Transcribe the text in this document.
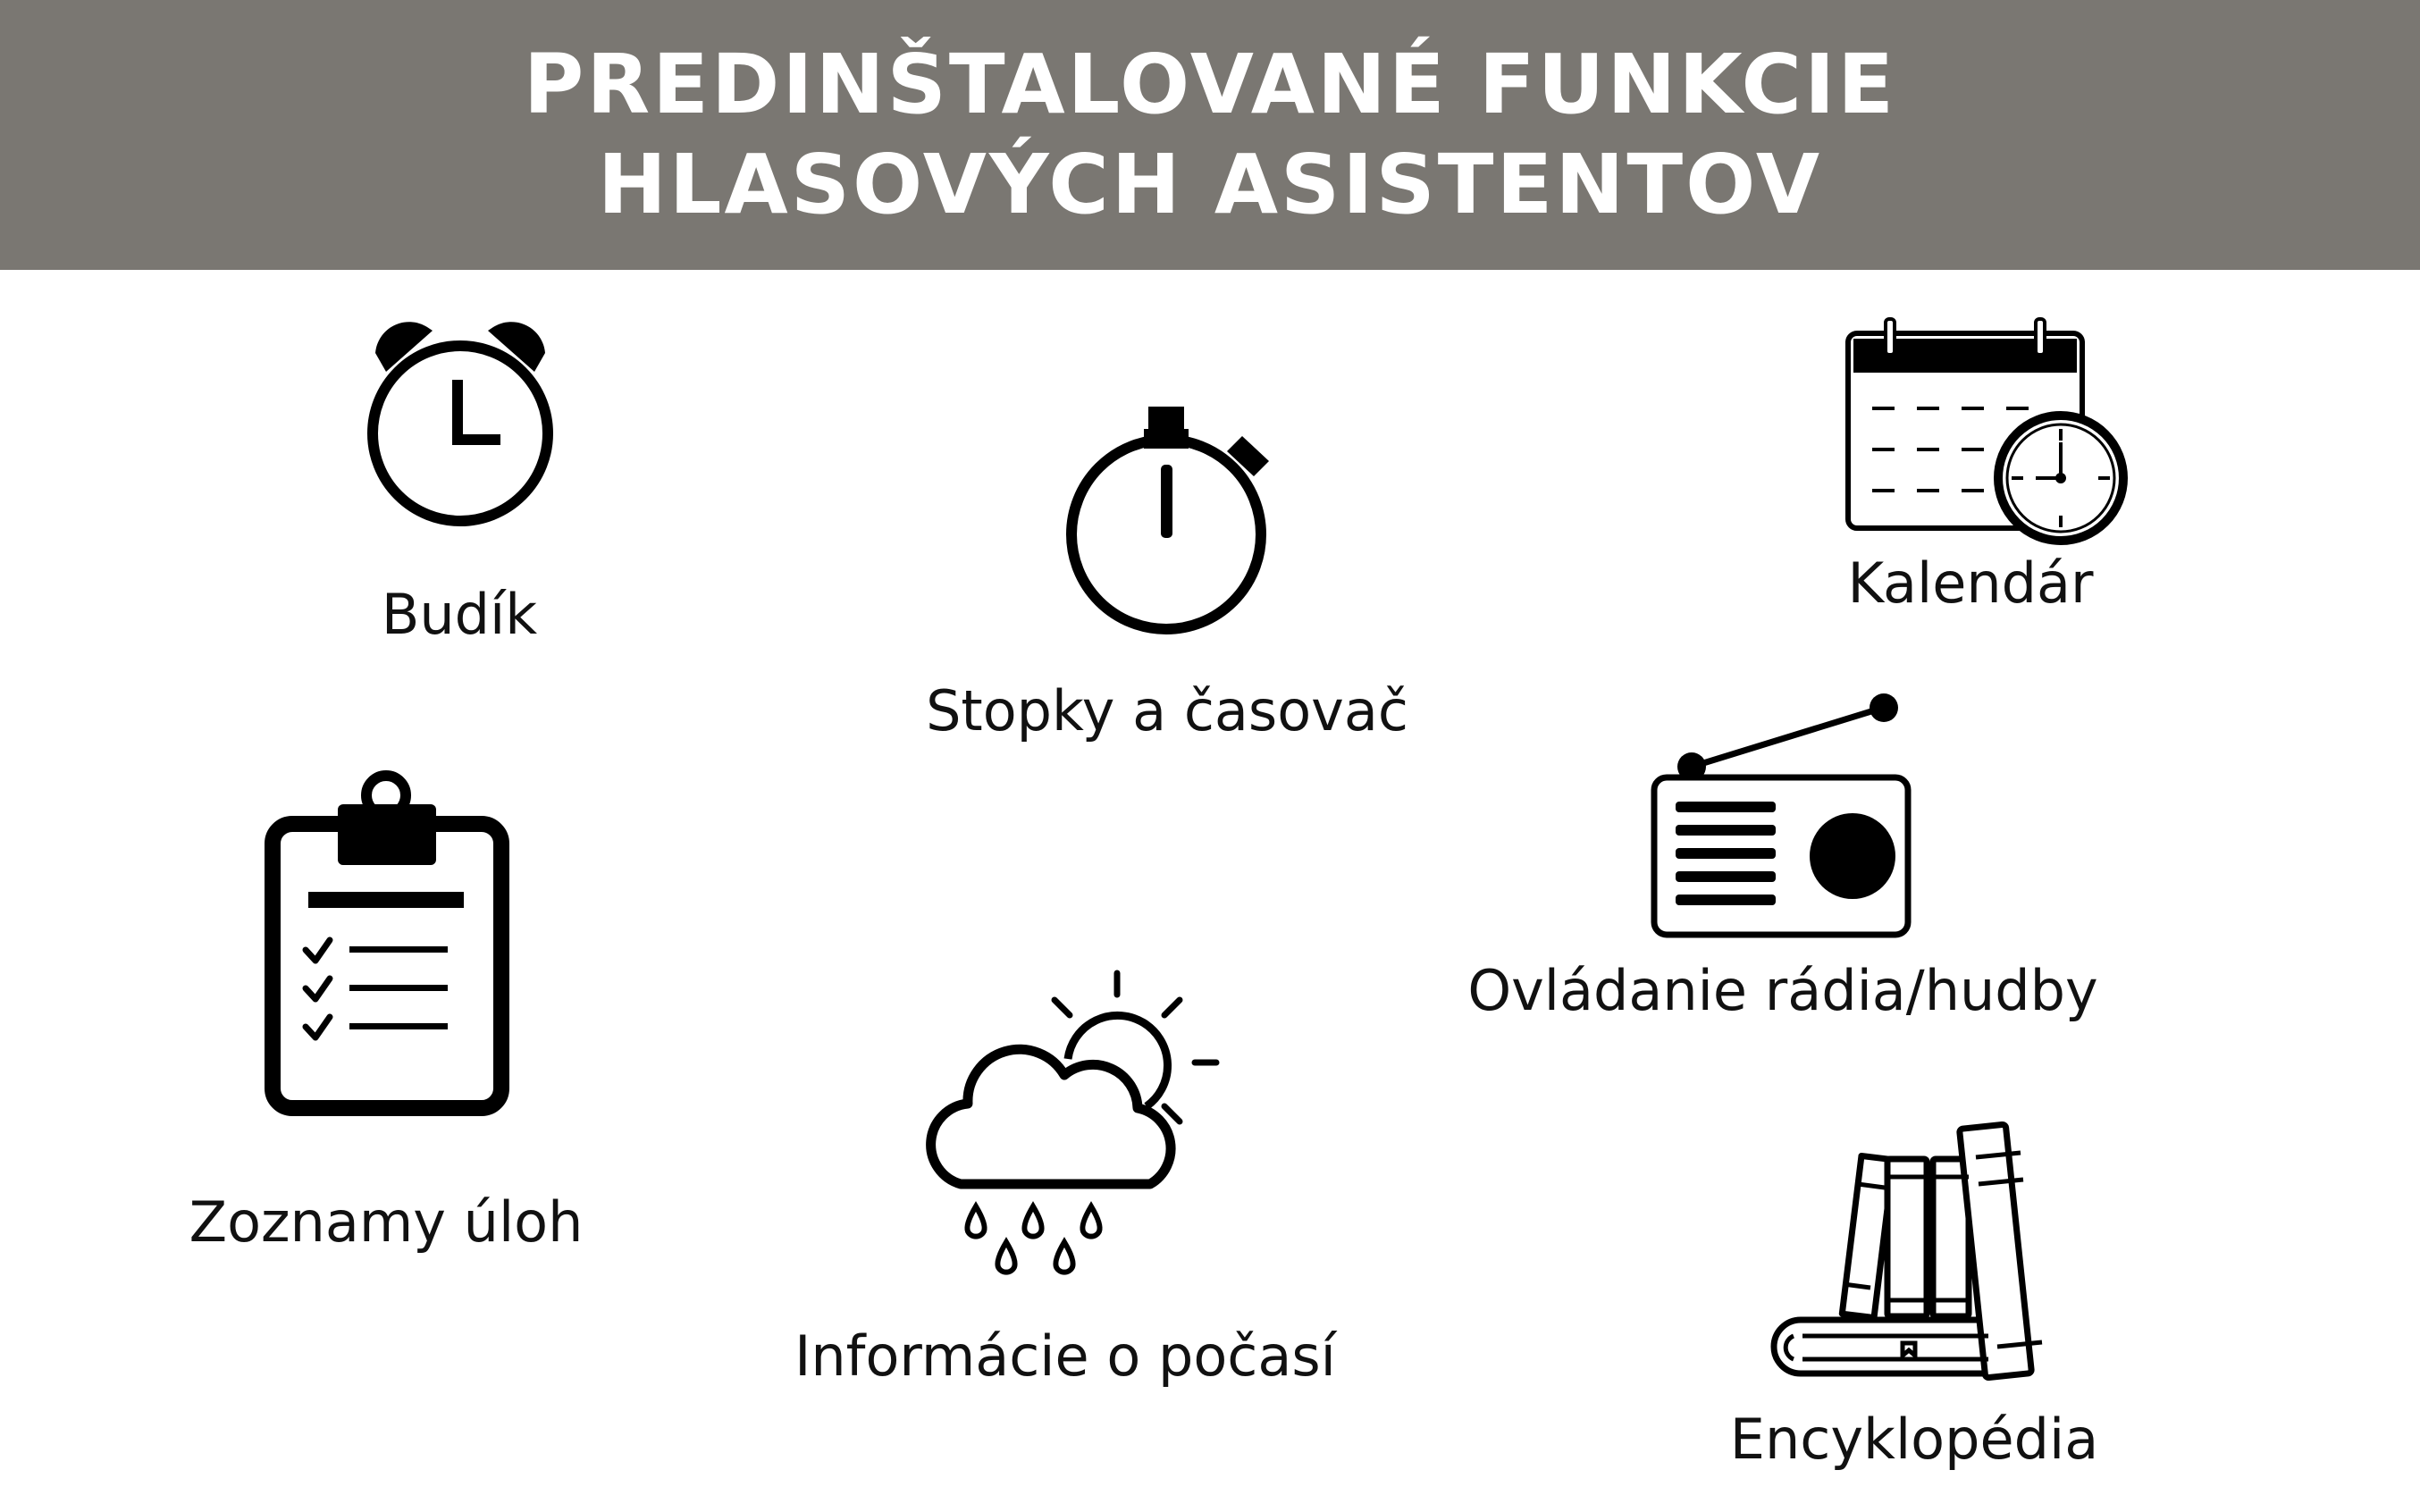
PREDINŠTALOVANÉ FUNKCIE
HLASOVÝCH ASISTENTOV
Budík
Stopky a časovač
Kalendár
Ovládanie rádia/hudby
Zoznamy úloh
Informácie o počasí
Encyklopédia
